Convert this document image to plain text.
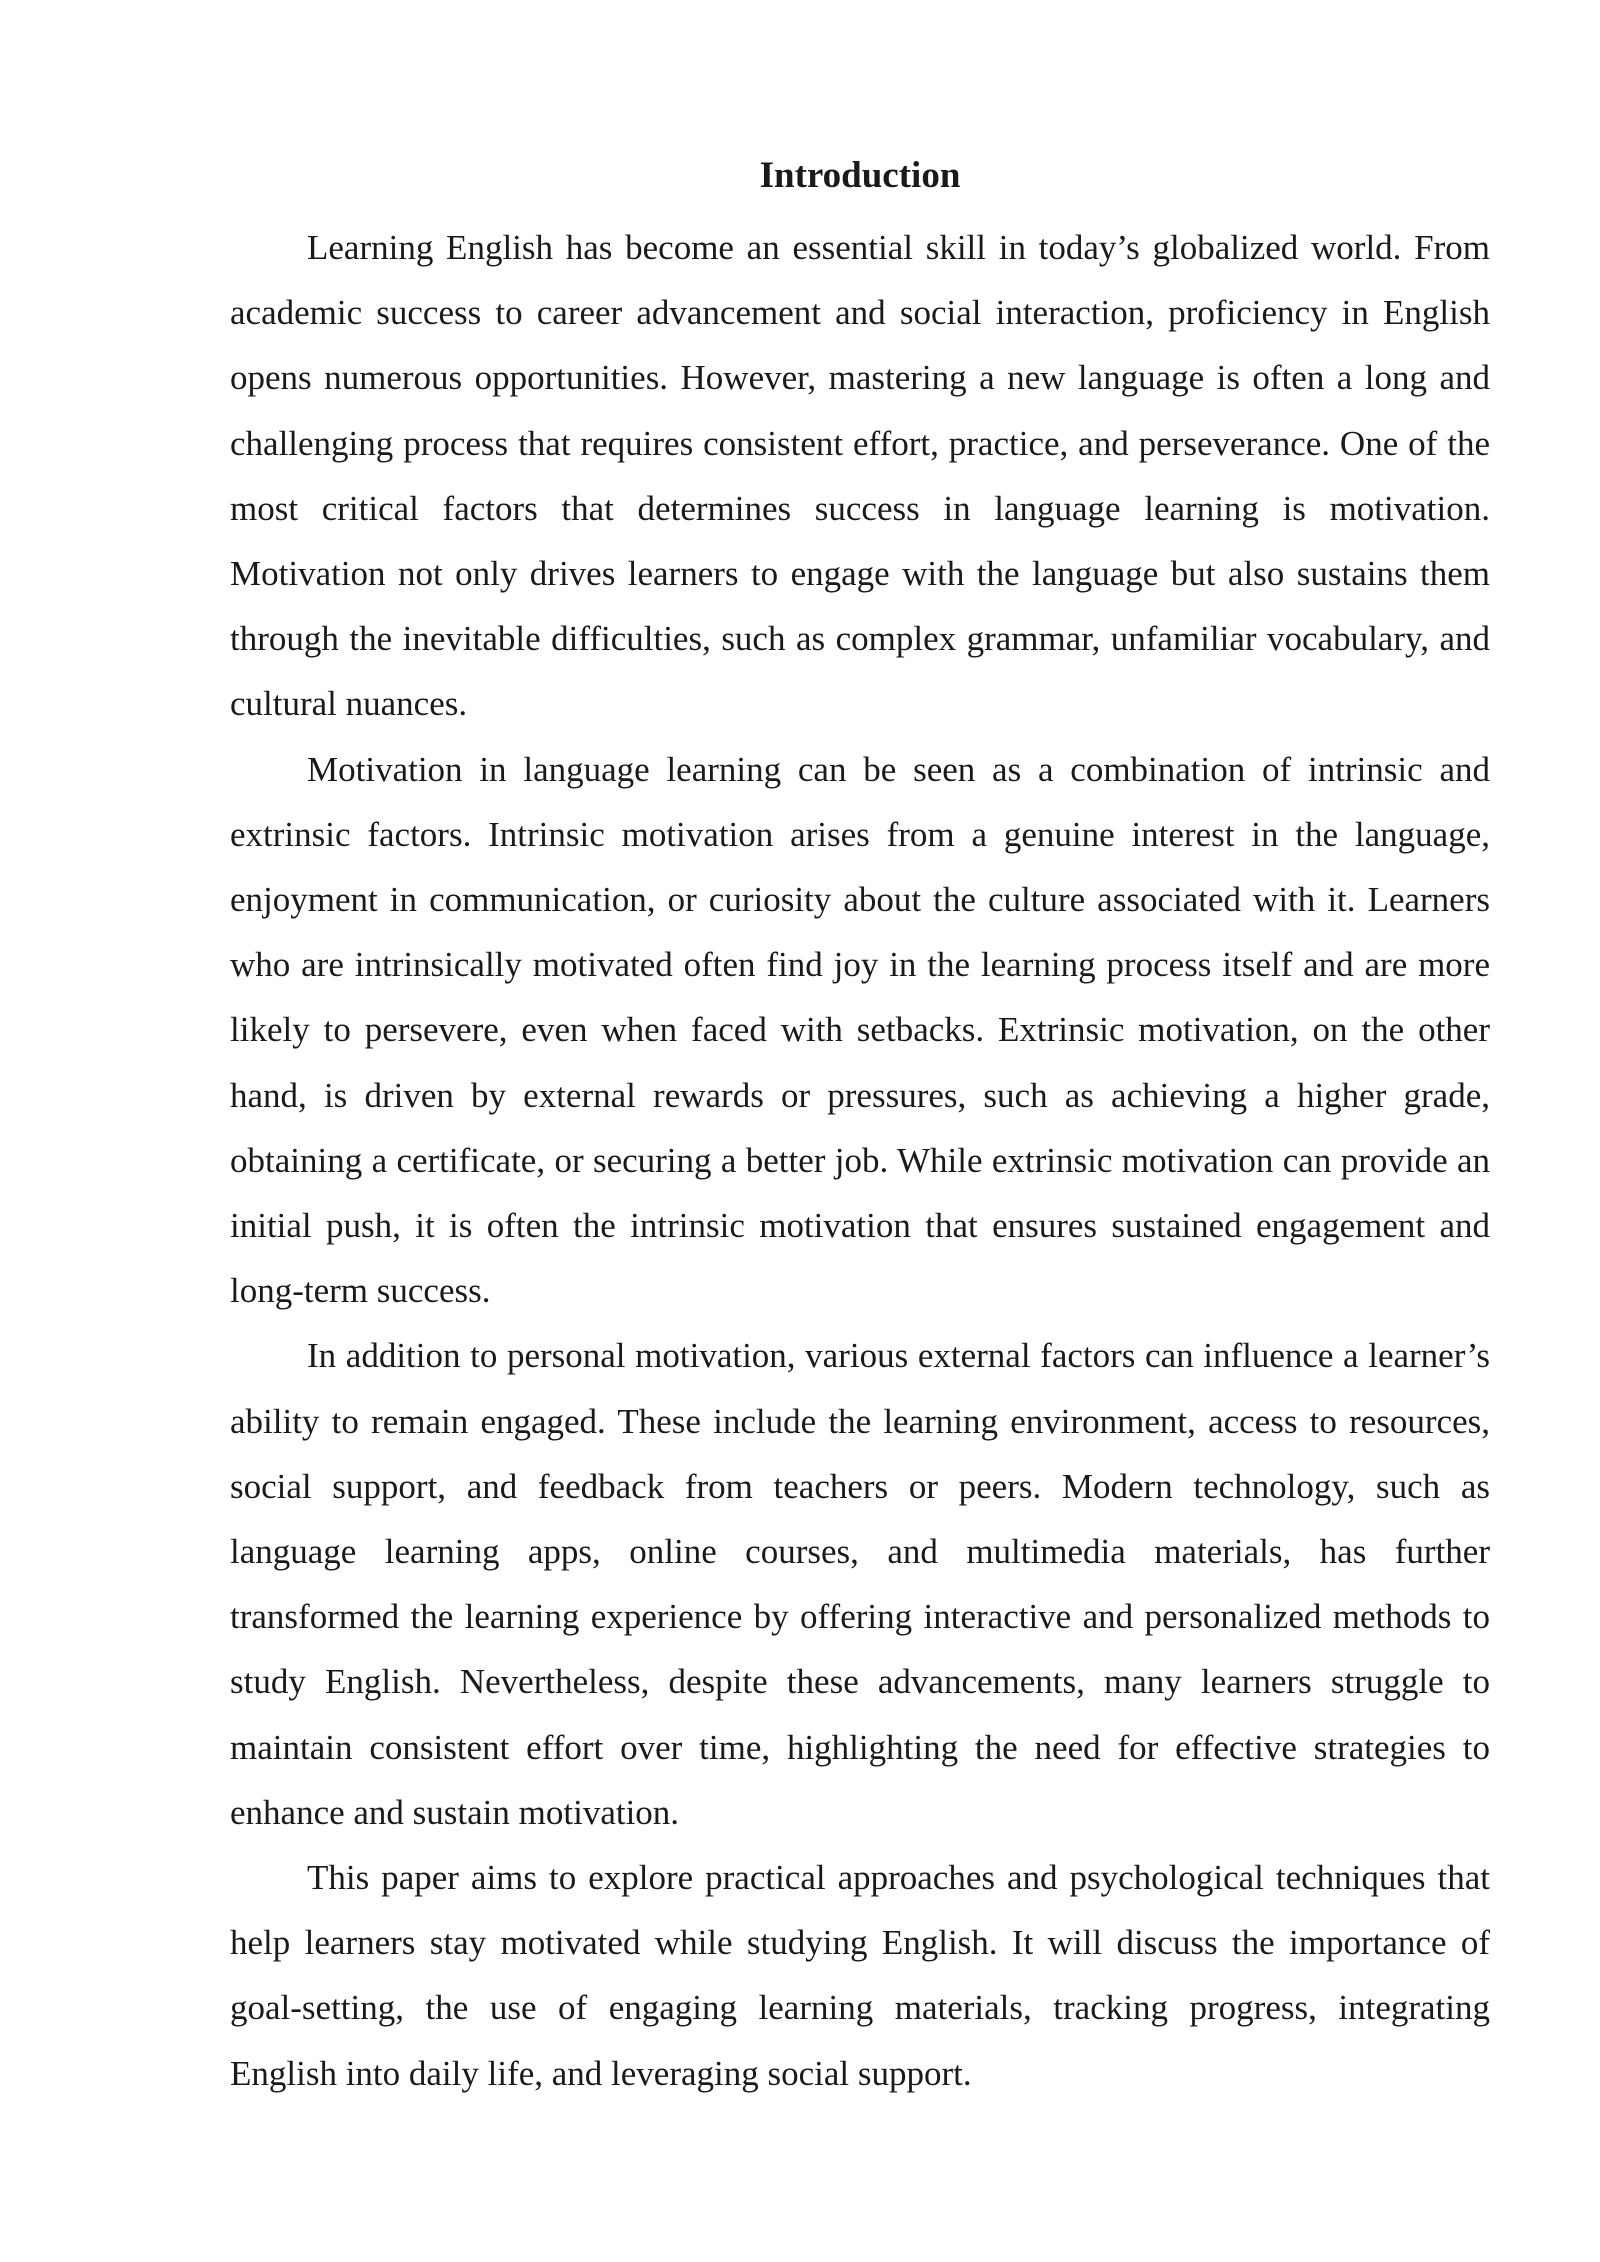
Introduction

Learning English has become an essential skill in today’s globalized world. From academic success to career advancement and social interaction, proficiency in English opens numerous opportunities. However, mastering a new language is often a long and challenging process that requires consistent effort, practice, and perseverance. One of the most critical factors that determines success in language learning is motivation. Motivation not only drives learners to engage with the language but also sustains them through the inevitable difficulties, such as complex grammar, unfamiliar vocabulary, and cultural nuances.

Motivation in language learning can be seen as a combination of intrinsic and extrinsic factors. Intrinsic motivation arises from a genuine interest in the language, enjoyment in communication, or curiosity about the culture associated with it. Learners who are intrinsically motivated often find joy in the learning process itself and are more likely to persevere, even when faced with setbacks. Extrinsic motivation, on the other hand, is driven by external rewards or pressures, such as achieving a higher grade, obtaining a certificate, or securing a better job. While extrinsic motivation can provide an initial push, it is often the intrinsic motivation that ensures sustained engagement and long-term success.

In addition to personal motivation, various external factors can influence a learner’s ability to remain engaged. These include the learning environment, access to resources, social support, and feedback from teachers or peers. Modern technology, such as language learning apps, online courses, and multimedia materials, has further transformed the learning experience by offering interactive and personalized methods to study English. Nevertheless, despite these advancements, many learners struggle to maintain consistent effort over time, highlighting the need for effective strategies to enhance and sustain motivation.

This paper aims to explore practical approaches and psychological techniques that help learners stay motivated while studying English. It will discuss the importance of goal-setting, the use of engaging learning materials, tracking progress, integrating English into daily life, and leveraging social support.
